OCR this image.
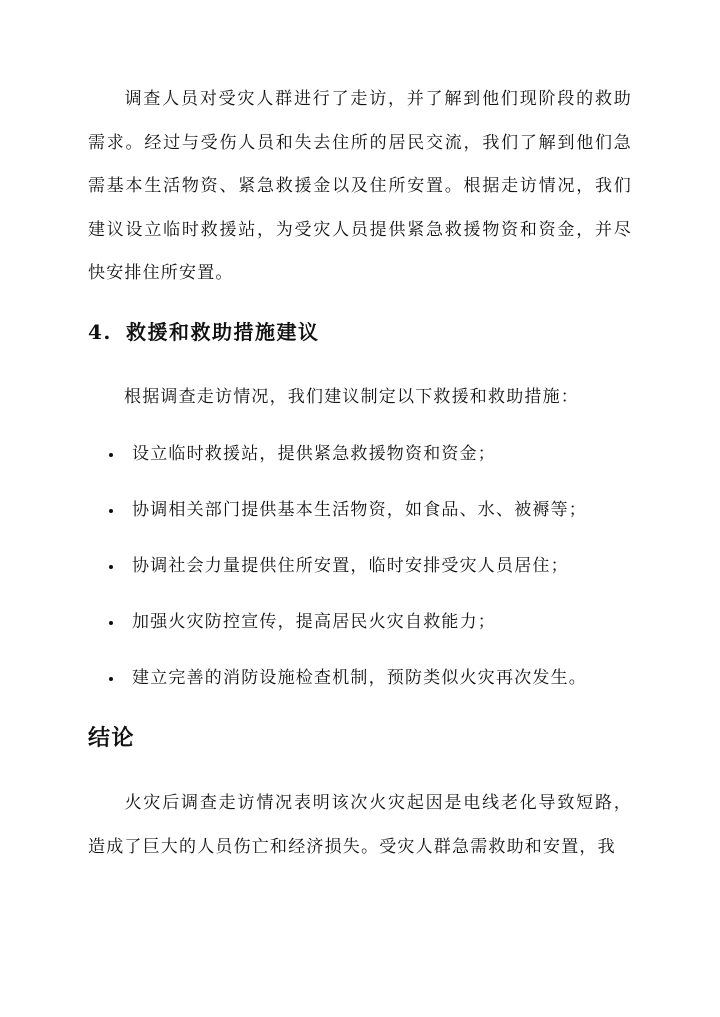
调查人员对受灾人群进行了走访，并了解到他们现阶段的救助需求。经过与受伤人员和失去住所的居民交流，我们了解到他们急需基本生活物资、紧急救援金以及住所安置。根据走访情况，我们建议设立临时救援站，为受灾人员提供紧急救援物资和资金，并尽快安排住所安置。

4. 救援和救助措施建议

根据调查走访情况，我们建议制定以下救援和救助措施：

设立临时救援站，提供紧急救援物资和资金；
协调相关部门提供基本生活物资，如食品、水、被褥等；
协调社会力量提供住所安置，临时安排受灾人员居住；
加强火灾防控宣传，提高居民火灾自救能力；
建立完善的消防设施检查机制，预防类似火灾再次发生。
结论

火灾后调查走访情况表明该次火灾起因是电线老化导致短路，造成了巨大的人员伤亡和经济损失。受灾人群急需救助和安置，我
